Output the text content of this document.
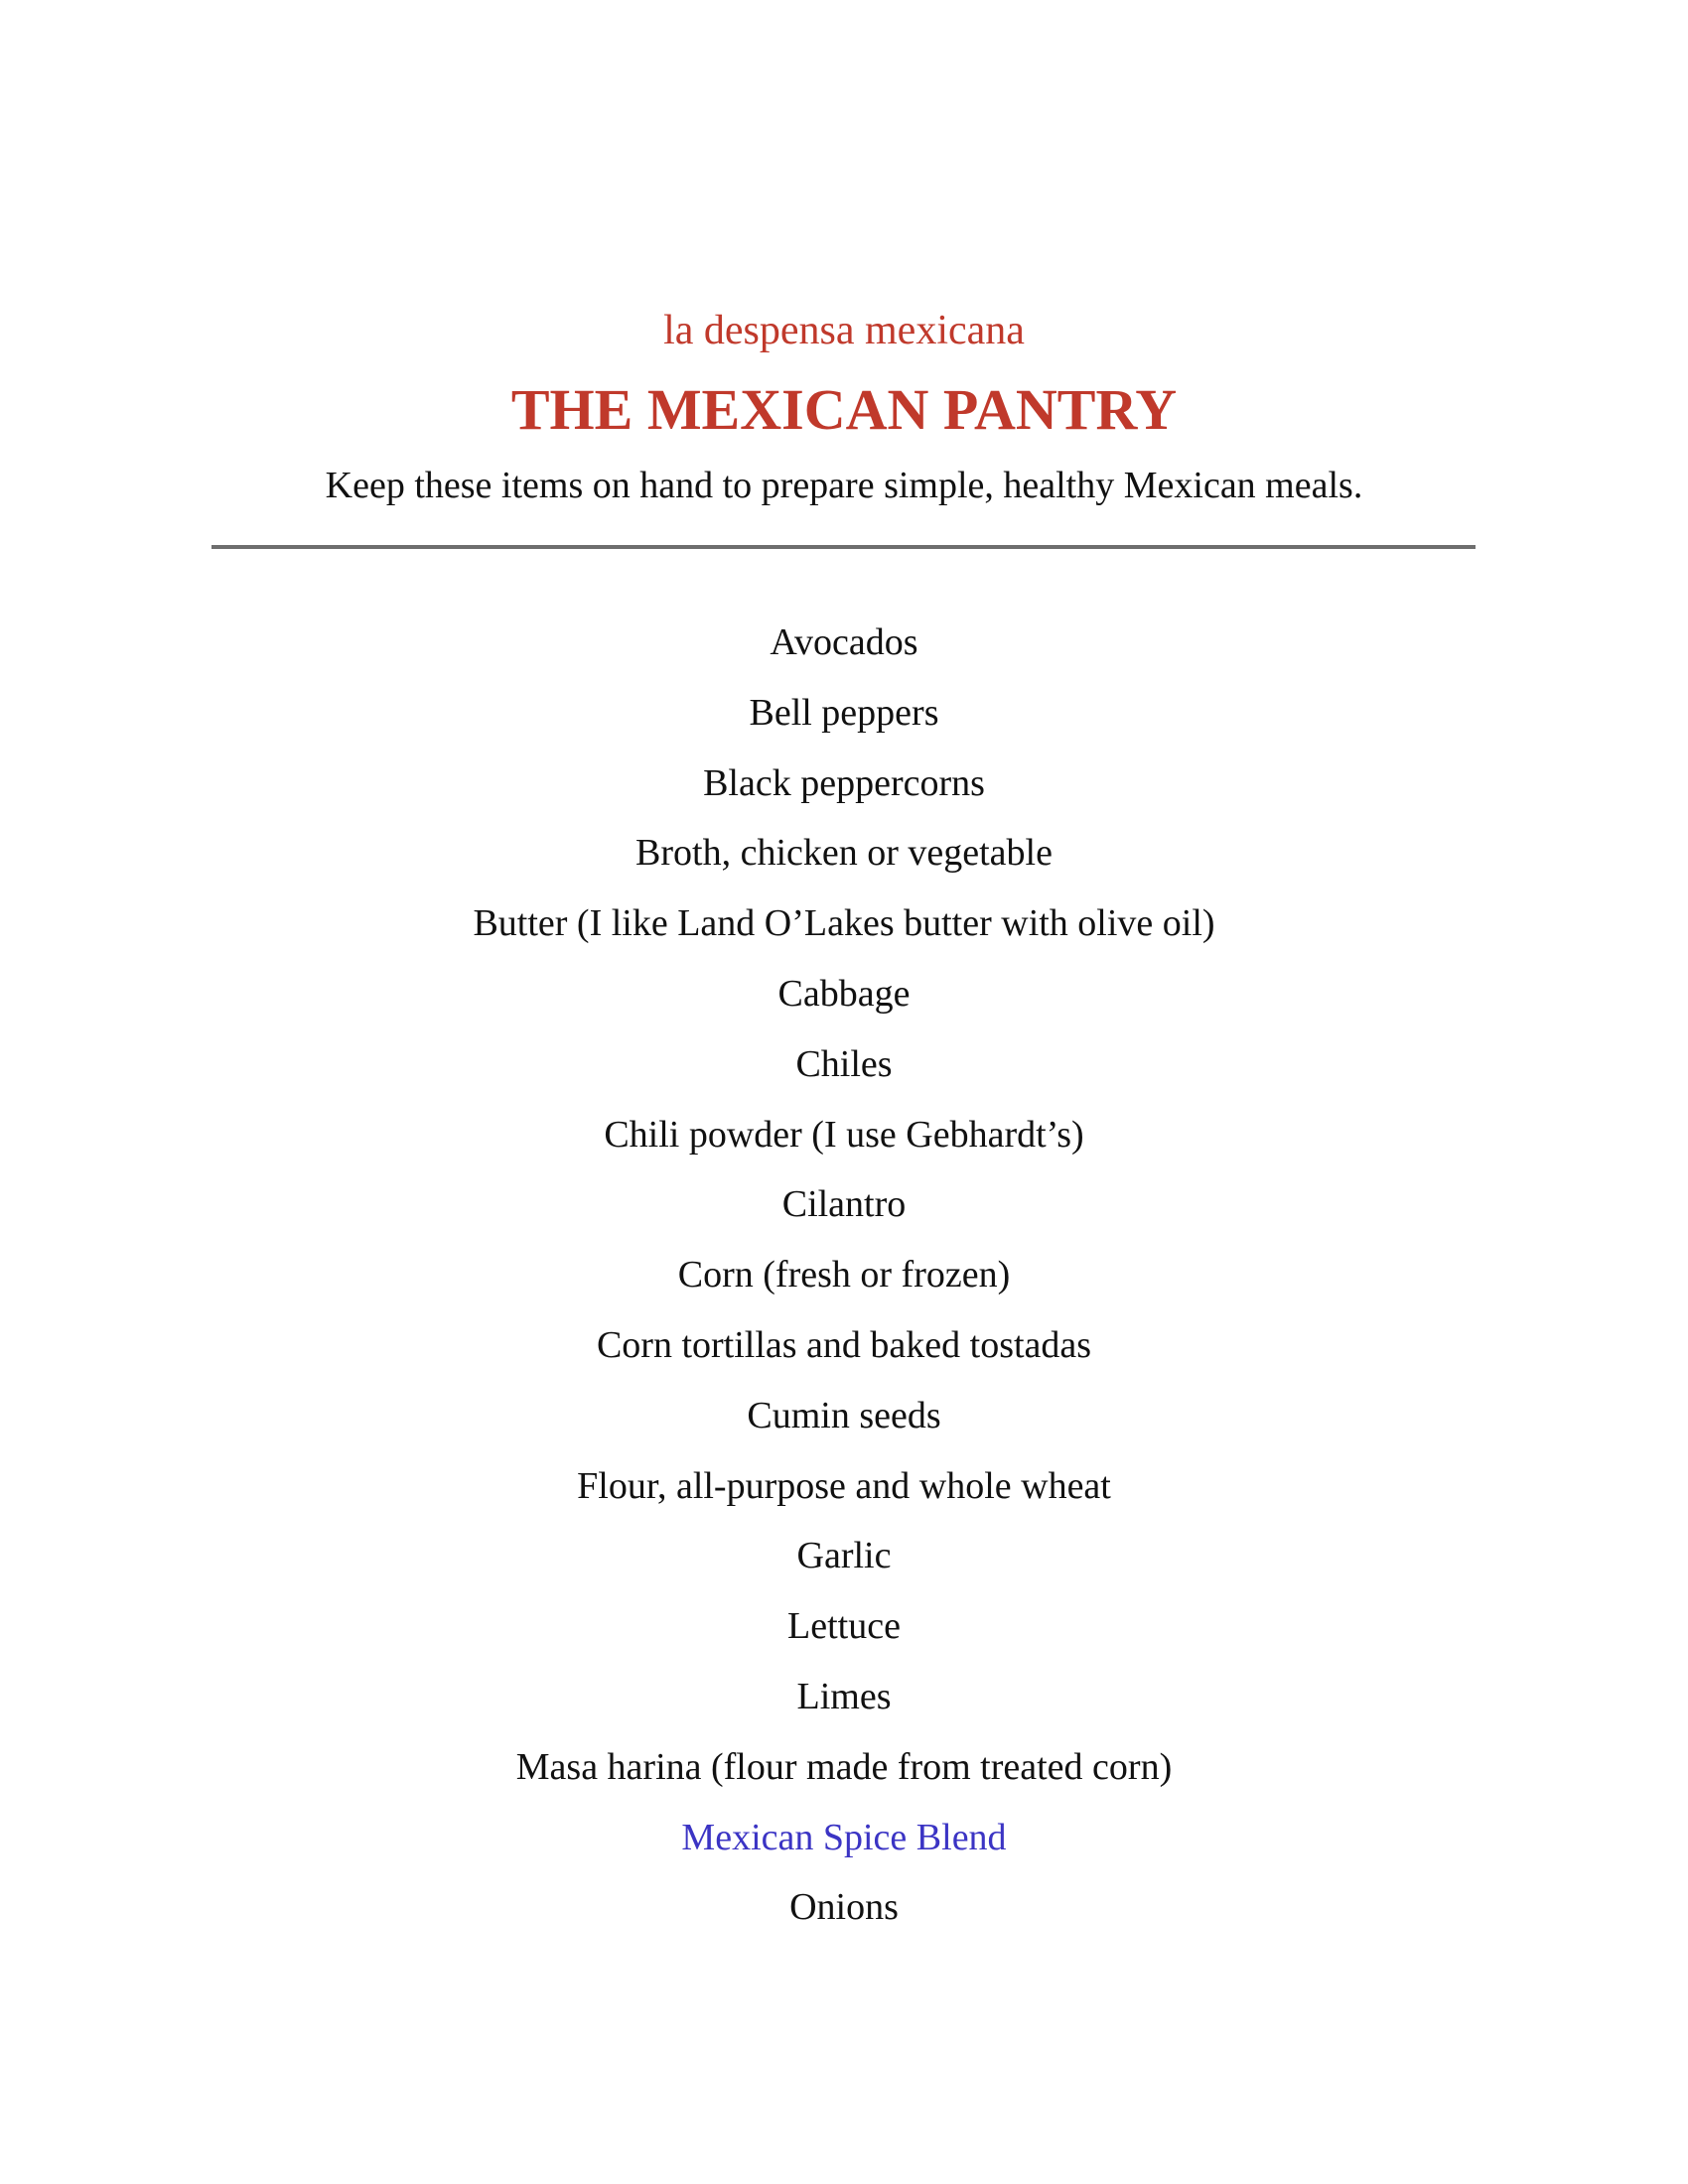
la despensa mexicana
THE MEXICAN PANTRY
Keep these items on hand to prepare simple, healthy Mexican meals.
Avocados
Bell peppers
Black peppercorns
Broth, chicken or vegetable
Butter (I like Land O’Lakes butter with olive oil)
Cabbage
Chiles
Chili powder (I use Gebhardt’s)
Cilantro
Corn (fresh or frozen)
Corn tortillas and baked tostadas
Cumin seeds
Flour, all-purpose and whole wheat
Garlic
Lettuce
Limes
Masa harina (flour made from treated corn)
Mexican Spice Blend
Onions
